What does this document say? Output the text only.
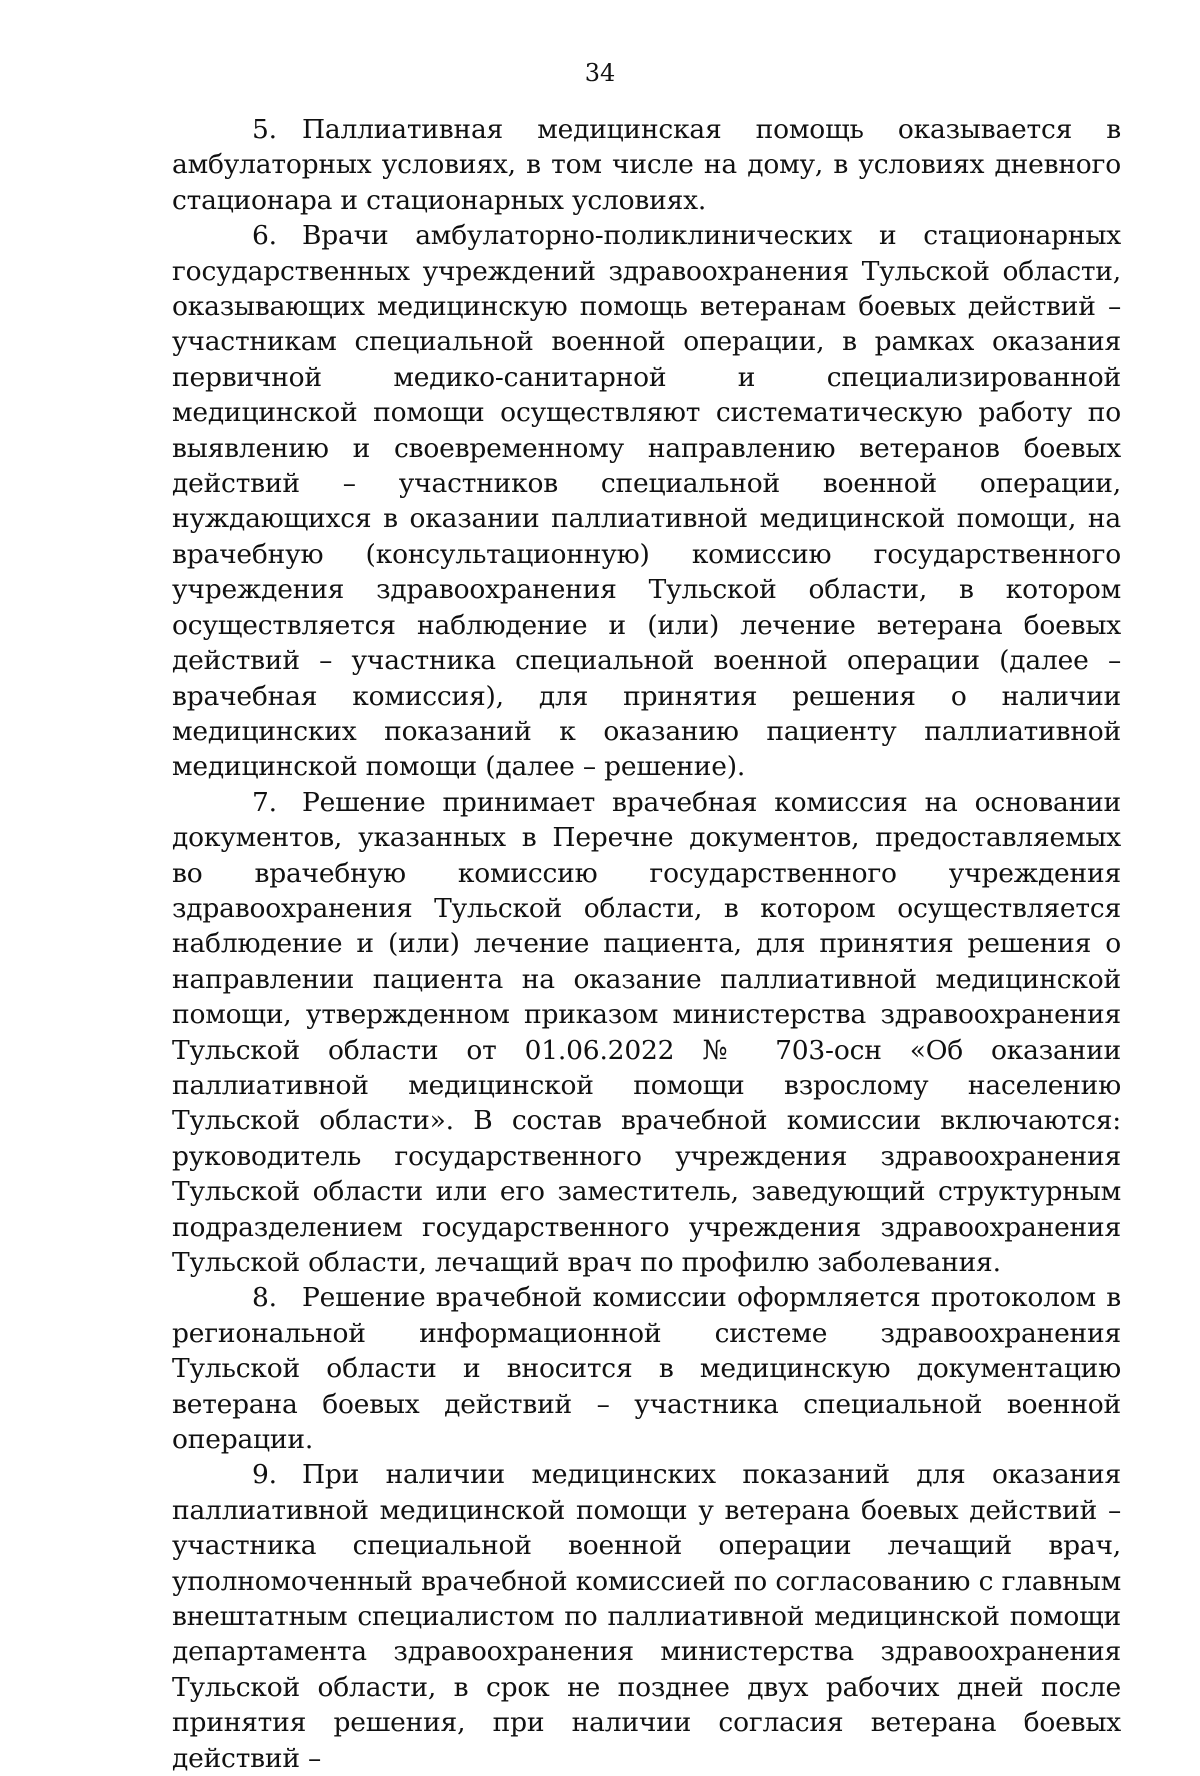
34

5. Паллиативная медицинская помощь оказывается в амбулаторных условиях, в том числе на дому, в условиях дневного стационара и стационарных условиях.

6. Врачи амбулаторно-поликлинических и стационарных государственных учреждений здравоохранения Тульской области, оказывающих медицинскую помощь ветеранам боевых действий – участникам специальной военной операции, в рамках оказания первичной медико-санитарной и специализированной медицинской помощи осуществляют систематическую работу по выявлению и своевременному направлению ветеранов боевых действий – участников специальной военной операции, нуждающихся в оказании паллиативной медицинской помощи, на врачебную (консультационную) комиссию государственного учреждения здравоохранения Тульской области, в котором осуществляется наблюдение и (или) лечение ветерана боевых действий – участника специальной военной операции (далее – врачебная комиссия), для принятия решения о наличии медицинских показаний к оказанию пациенту паллиативной медицинской помощи (далее – решение).

7. Решение принимает врачебная комиссия на основании документов, указанных в Перечне документов, предоставляемых во врачебную комиссию государственного учреждения здравоохранения Тульской области, в котором осуществляется наблюдение и (или) лечение пациента, для принятия решения о направлении пациента на оказание паллиативной медицинской помощи, утвержденном приказом министерства здравоохранения Тульской области от 01.06.2022 № 703-осн «Об оказании паллиативной медицинской помощи взрослому населению Тульской области». В состав врачебной комиссии включаются: руководитель государственного учреждения здравоохранения Тульской области или его заместитель, заведующий структурным подразделением государственного учреждения здравоохранения Тульской области, лечащий врач по профилю заболевания.

8. Решение врачебной комиссии оформляется протоколом в региональной информационной системе здравоохранения Тульской области и вносится в медицинскую документацию ветерана боевых действий – участника специальной военной операции.

9. При наличии медицинских показаний для оказания паллиативной медицинской помощи у ветерана боевых действий – участника специальной военной операции лечащий врач, уполномоченный врачебной комиссией по согласованию с главным внештатным специалистом по паллиативной медицинской помощи департамента здравоохранения министерства здравоохранения Тульской области, в срок не позднее двух рабочих дней после принятия решения, при наличии согласия ветерана боевых действий –
